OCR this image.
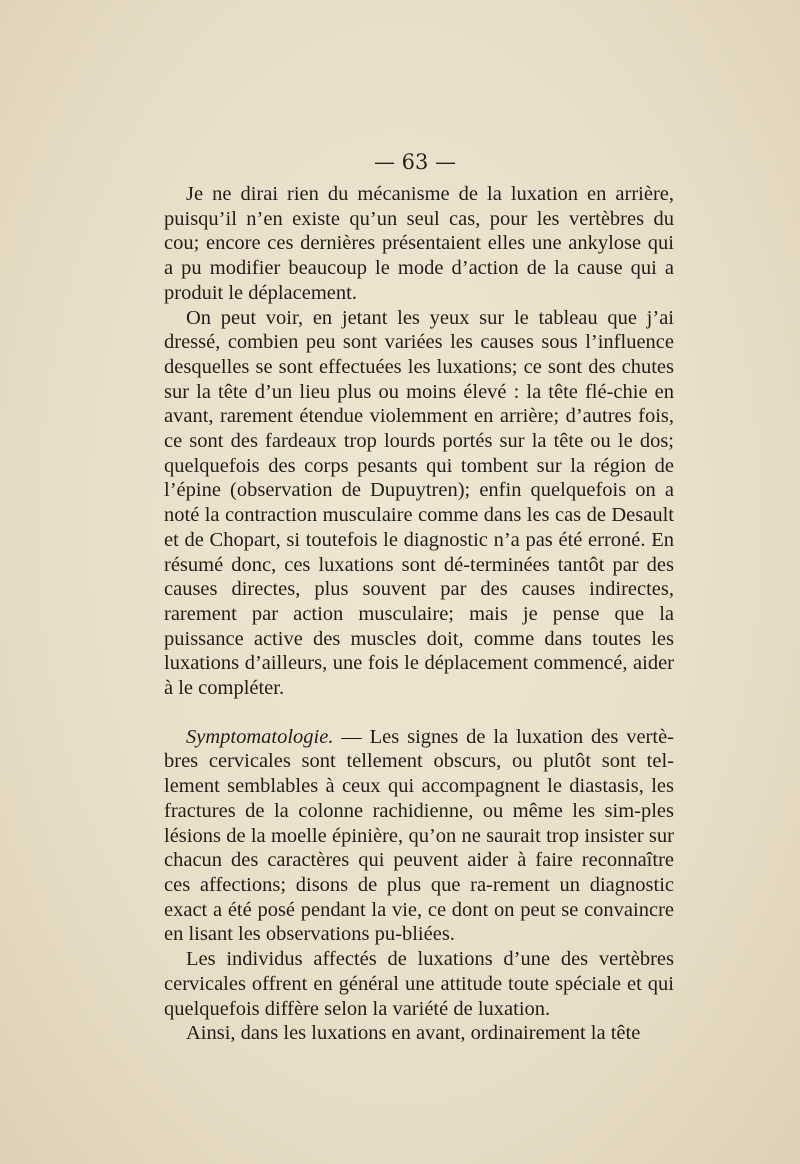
— 63 —

Je ne dirai rien du mécanisme de la luxation en arrière, puisqu’il n’en existe qu’un seul cas, pour les vertèbres du cou; encore ces dernières présentaient elles une ankylose qui a pu modifier beaucoup le mode d’action de la cause qui a produit le déplacement.

On peut voir, en jetant les yeux sur le tableau que j’ai dressé, combien peu sont variées les causes sous l’influence desquelles se sont effectuées les luxations; ce sont des chutes sur la tête d’un lieu plus ou moins élevé : la tête flé-chie en avant, rarement étendue violemment en arrière; d’autres fois, ce sont des fardeaux trop lourds portés sur la tête ou le dos; quelquefois des corps pesants qui tombent sur la région de l’épine (observation de Dupuytren); enfin quelquefois on a noté la contraction musculaire comme dans les cas de Desault et de Chopart, si toutefois le diagnostic n’a pas été erroné. En résumé donc, ces luxations sont dé-terminées tantôt par des causes directes, plus souvent par des causes indirectes, rarement par action musculaire; mais je pense que la puissance active des muscles doit, comme dans toutes les luxations d’ailleurs, une fois le déplacement commencé, aider à le compléter.

Symptomatologie. — Les signes de la luxation des vertè-bres cervicales sont tellement obscurs, ou plutôt sont tel-lement semblables à ceux qui accompagnent le diastasis, les fractures de la colonne rachidienne, ou même les sim-ples lésions de la moelle épinière, qu’on ne saurait trop insister sur chacun des caractères qui peuvent aider à faire reconnaître ces affections; disons de plus que ra-rement un diagnostic exact a été posé pendant la vie, ce dont on peut se convaincre en lisant les observations pu-bliées.

Les individus affectés de luxations d’une des vertèbres cervicales offrent en général une attitude toute spéciale et qui quelquefois diffère selon la variété de luxation.

Ainsi, dans les luxations en avant, ordinairement la tête
